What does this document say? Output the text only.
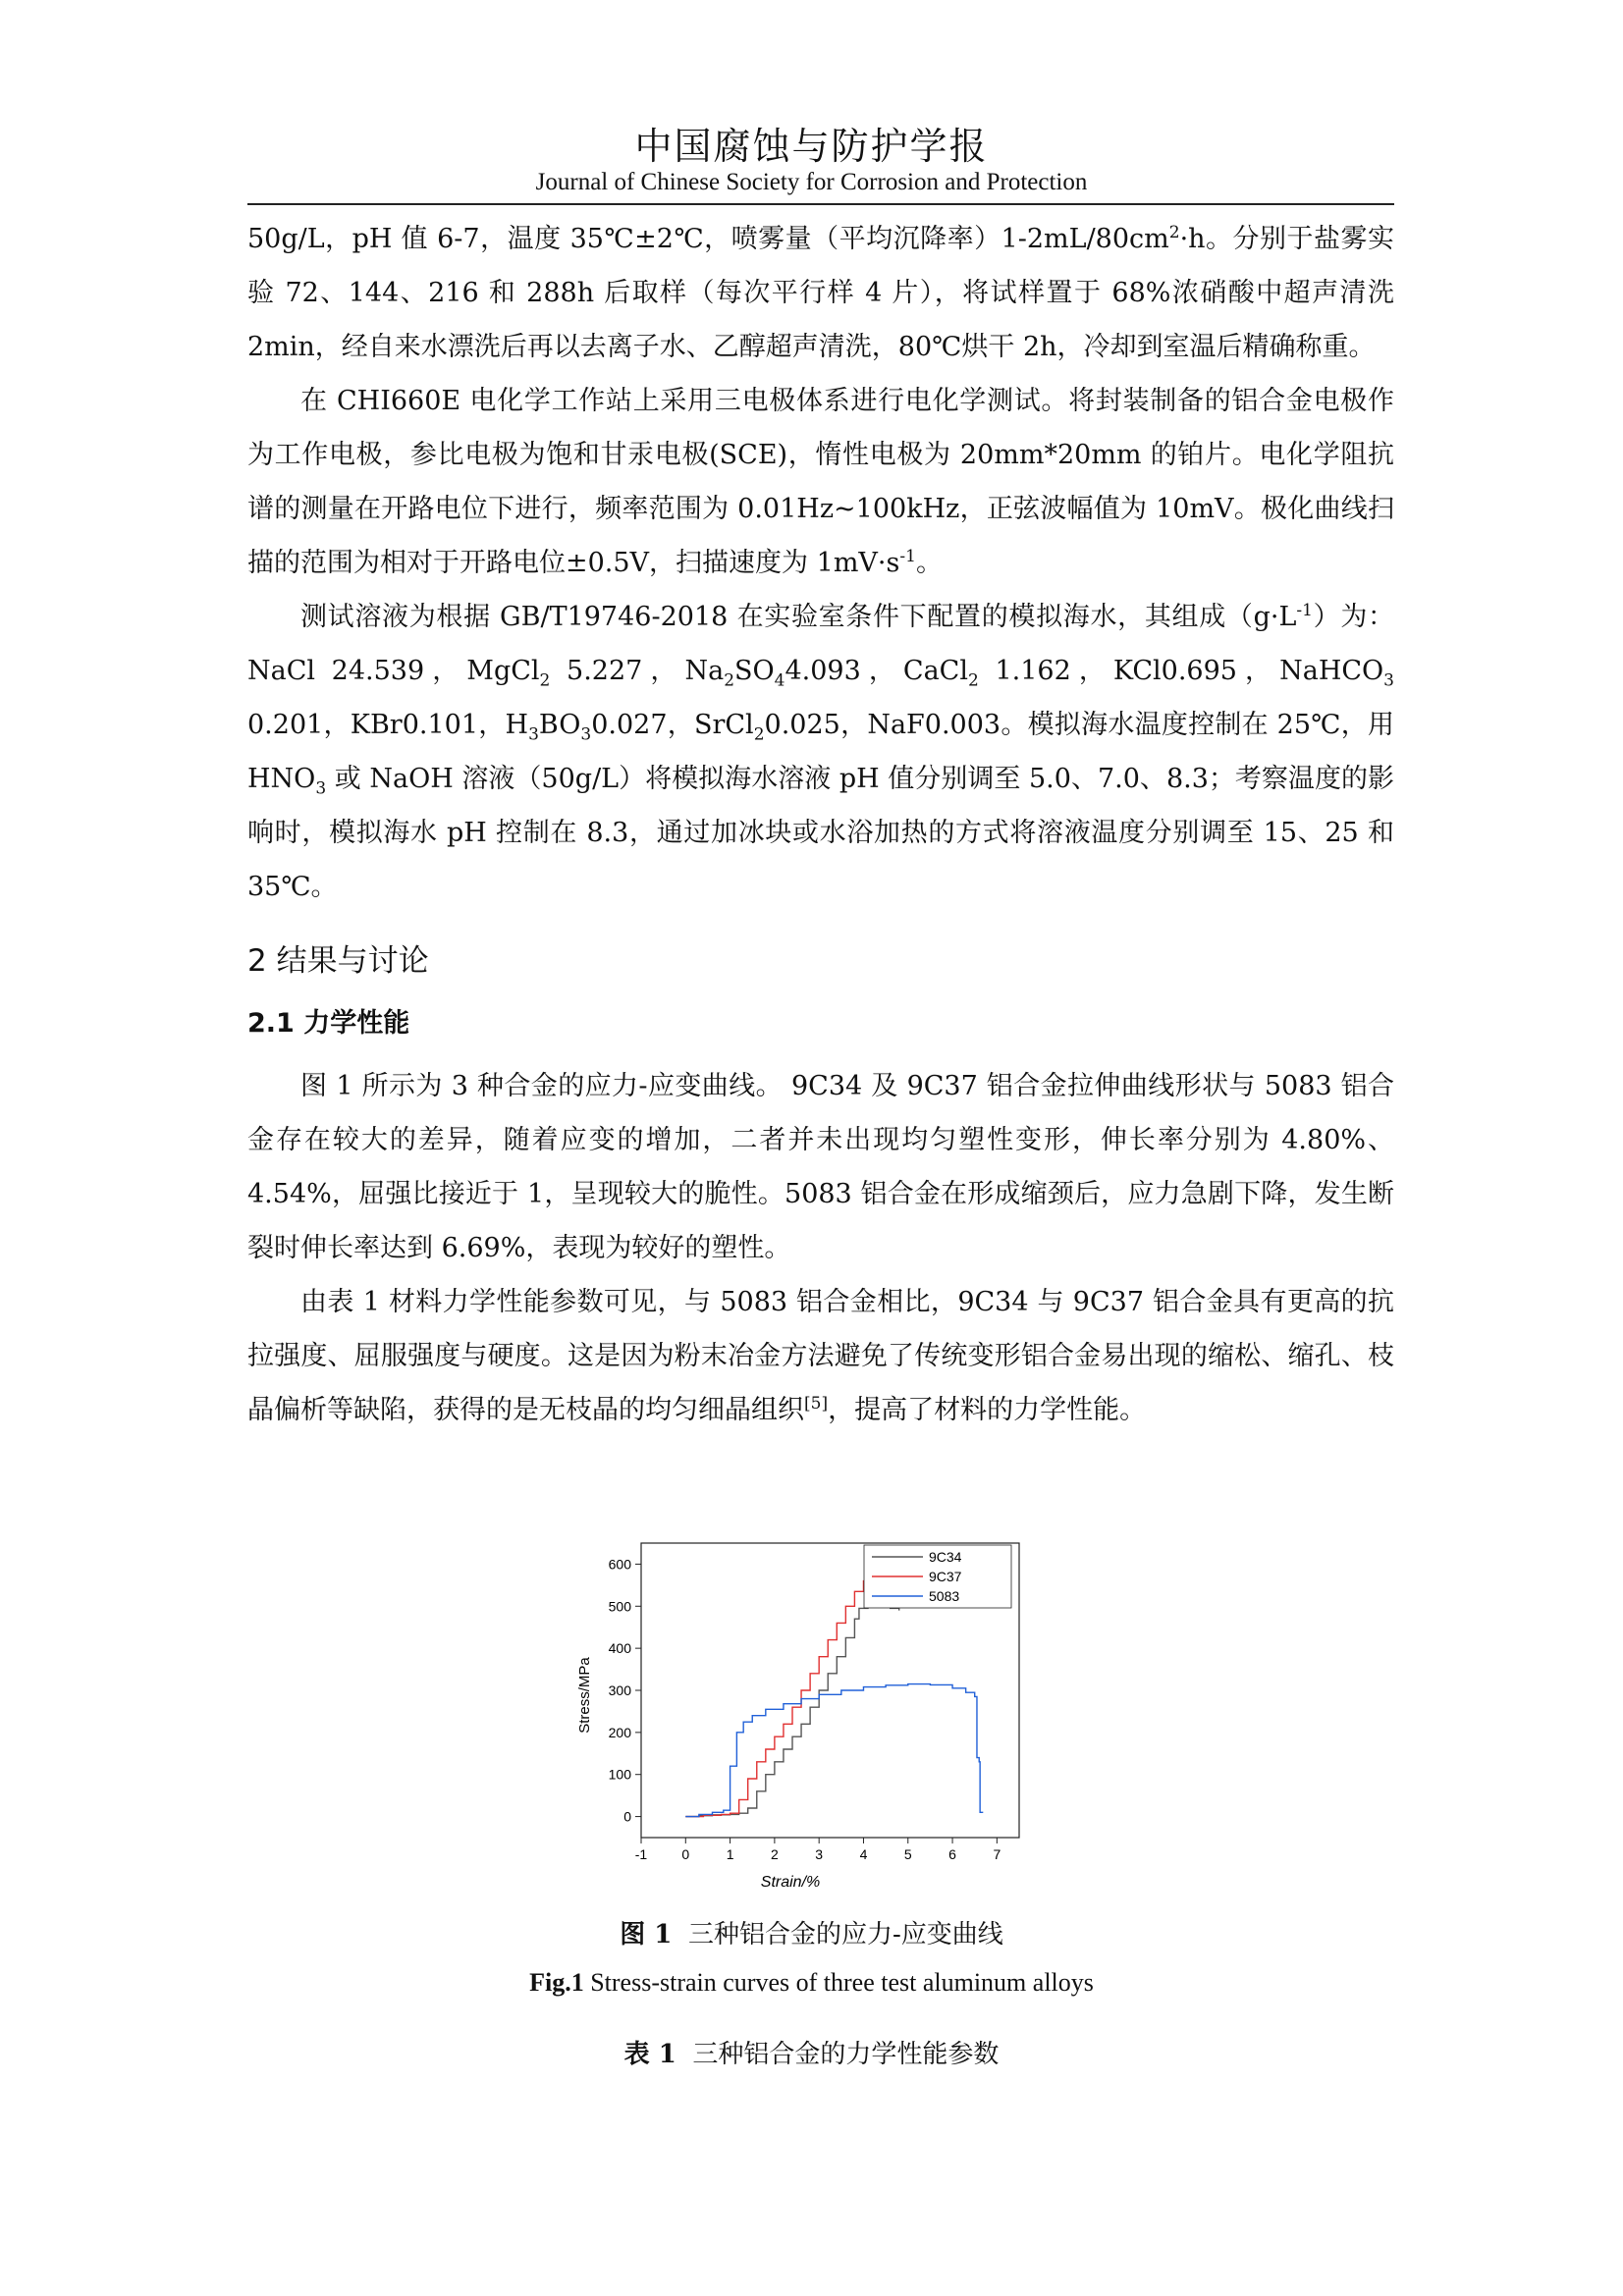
中国腐蚀与防护学报
Journal of Chinese Society for Corrosion and Protection

50g/L，pH 值 6-7，温度 35℃±2℃，喷雾量（平均沉降率）$1-2mL/80cm^2\cdot h$。分别于盐雾实验 72、144、216 和 288h 后取样（每次平行样 4 片），将试样置于 68%浓硝酸中超声清洗 2min，经自来水漂洗后再以去离子水、乙醇超声清洗，80℃烘干 2h，冷却到室温后精确称重。

在 CHI660E 电化学工作站上采用三电极体系进行电化学测试。将封装制备的铝合金电极作为工作电极，参比电极为饱和甘汞电极(SCE)，惰性电极为 20mm*20mm 的铂片。电化学阻抗谱的测量在开路电位下进行，频率范围为 0.01Hz~100kHz，正弦波幅值为 10mV。极化曲线扫描的范围为相对于开路电位±0.5V，扫描速度为 $1mV\cdot s^{-1}$。

测试溶液为根据 GB/T19746-2018 在实验室条件下配置的模拟海水，其组成$(g\cdot L^{-1})$为：NaCl 24.539，MgCl$_2$ 5.227，$Na_2SO_44.093$，CaCl$_2$ 1.162，KCl0.695，NaHCO$_3$ 0.201，KBr0.101，$H_3BO_30.027$，SrCl$_2$0.025，NaF0.003。模拟海水温度控制在 25℃，用 $HNO_3$ 或 NaOH 溶液（50g/L）将模拟海水溶液 pH 值分别调至 5.0、7.0、8.3；考察温度的影响时，模拟海水 pH 控制在 8.3，通过加冰块或水浴加热的方式将溶液温度分别调至 15、25 和 35℃。

2 结果与讨论
2.1 力学性能

图 1 所示为 3 种合金的应力-应变曲线。 9C34 及 9C37 铝合金拉伸曲线形状与 5083 铝合金存在较大的差异，随着应变的增加，二者并未出现均匀塑性变形，伸长率分别为 4.80%、4.54%，屈强比接近于 1，呈现较大的脆性。5083 铝合金在形成缩颈后，应力急剧下降，发生断裂时伸长率达到 6.69%，表现为较好的塑性。

由表 1 材料力学性能参数可见，与 5083 铝合金相比，9C34 与 9C37 铝合金具有更高的抗拉强度、屈服强度与硬度。这是因为粉末冶金方法避免了传统变形铝合金易出现的缩松、缩孔、枝晶偏析等缺陷，获得的是无枝晶的均匀细晶组织[5]，提高了材料的力学性能。

-1	0	1	2	3	4	5	6	7
0
100
200
300
400
500
600	9C34
9C37
5083
Strain/%
Stress/MPa
图 1 三种铝合金的应力-应变曲线
Fig.1 Stress-strain curves of three test aluminum alloys
表 1 三种铝合金的力学性能参数
